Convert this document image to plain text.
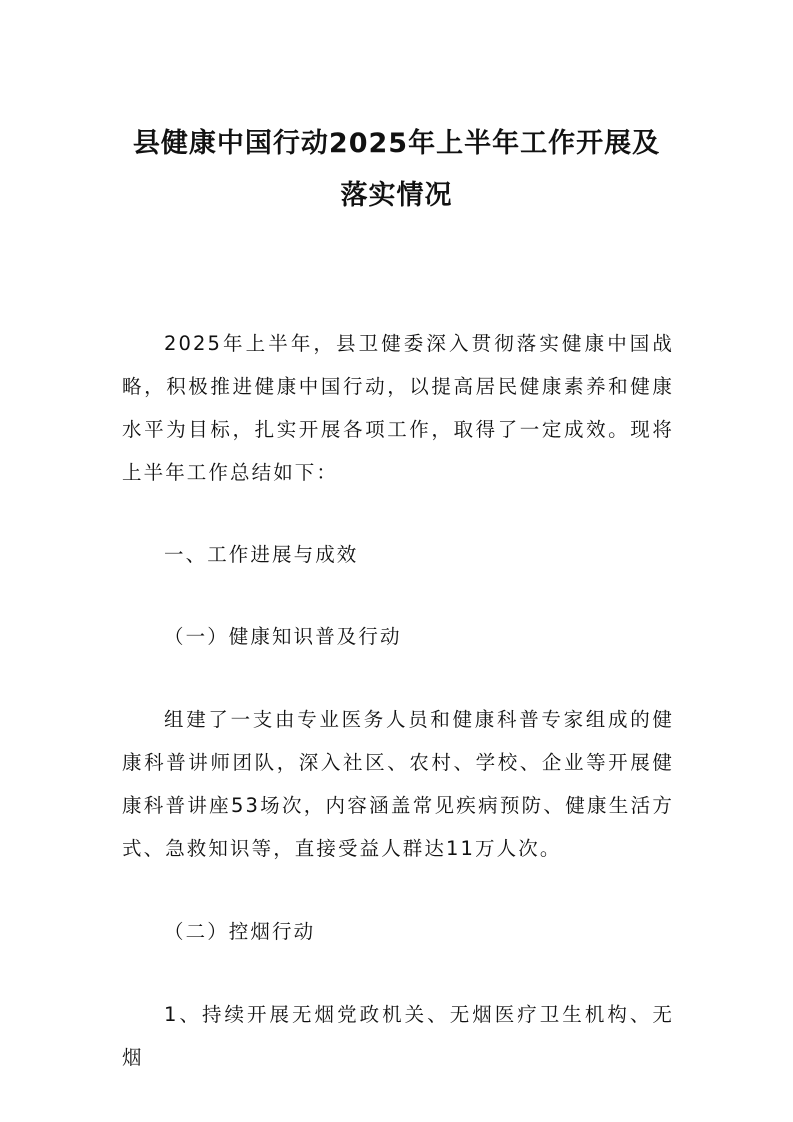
县健康中国行动2025年上半年工作开展及
落实情况

2025年上半年，县卫健委深入贯彻落实健康中国战略，积极推进健康中国行动，以提高居民健康素养和健康水平为目标，扎实开展各项工作，取得了一定成效。现将上半年工作总结如下：

一、工作进展与成效

（一）健康知识普及行动

组建了一支由专业医务人员和健康科普专家组成的健康科普讲师团队，深入社区、农村、学校、企业等开展健康科普讲座53场次，内容涵盖常见疾病预防、健康生活方式、急救知识等，直接受益人群达11万人次。

（二）控烟行动

1、持续开展无烟党政机关、无烟医疗卫生机构、无烟
